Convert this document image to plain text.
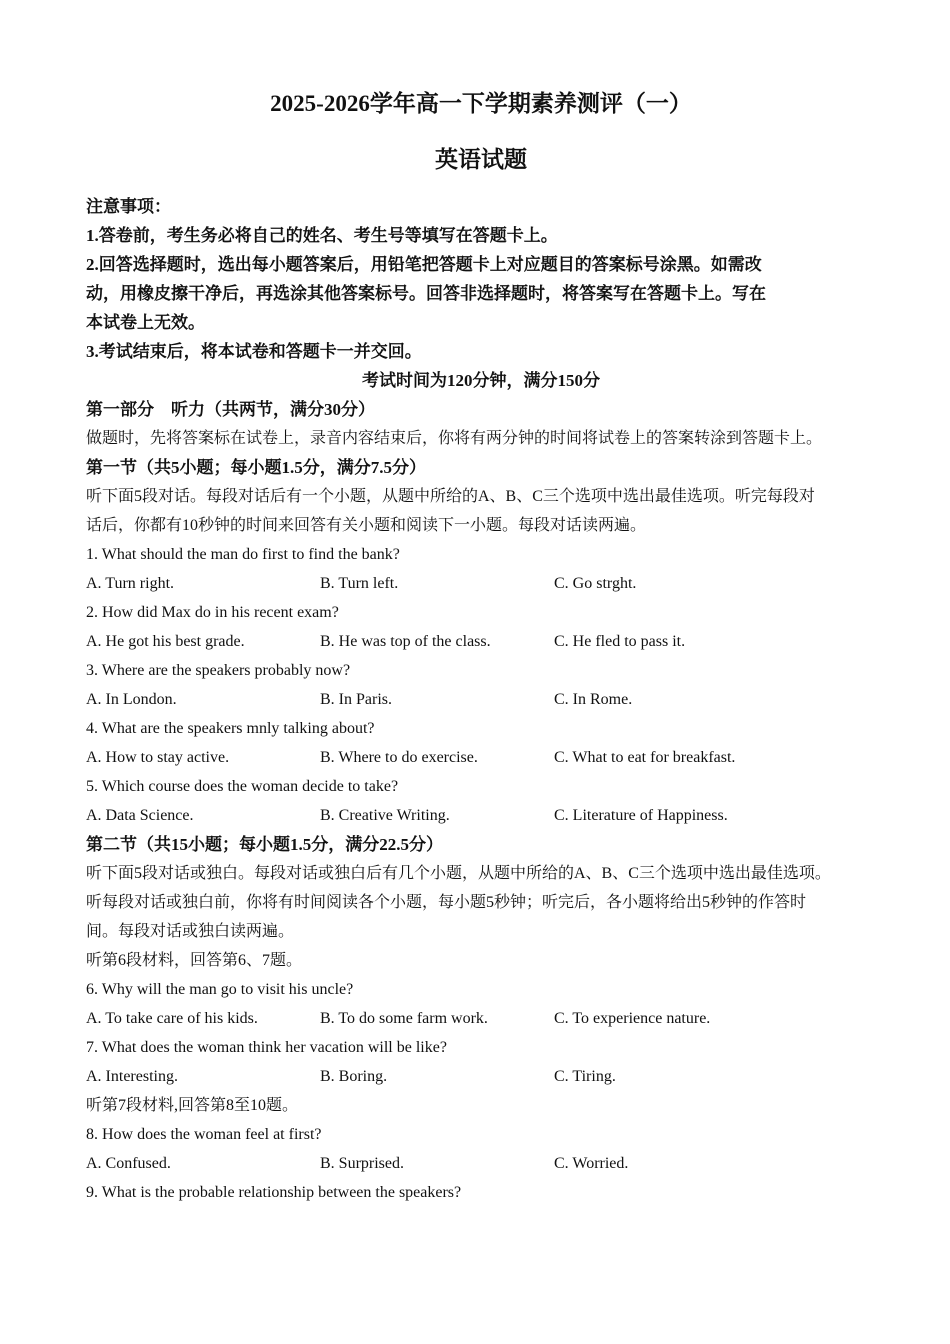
2025-2026学年高一下学期素养测评（一）
英语试题
注意事项：
1.答卷前，考生务必将自己的姓名、考生号等填写在答题卡上。
2.回答选择题时，选出每小题答案后，用铅笔把答题卡上对应题目的答案标号涂黑。如需改
动，用橡皮擦干净后，再选涂其他答案标号。回答非选择题时，将答案写在答题卡上。写在
本试卷上无效。
3.考试结束后，将本试卷和答题卡一并交回。
考试时间为120分钟，满分150分
第一部分　听力（共两节，满分30分）
做题时，先将答案标在试卷上，录音内容结束后，你将有两分钟的时间将试卷上的答案转涂到答题卡上。
第一节（共5小题；每小题1.5分，满分7.5分）
听下面5段对话。每段对话后有一个小题，从题中所给的A、B、C三个选项中选出最佳选项。听完每段对
话后，你都有10秒钟的时间来回答有关小题和阅读下一小题。每段对话读两遍。
1. What should the man do first to find the bank?
A. Turn right.	B. Turn left.	C. Go strght.
2. How did Max do in his recent exam?
A. He got his best grade.	B. He was top of the class.	C. He fled to pass it.
3. Where are the speakers probably now?
A. In London.	B. In Paris.	C. In Rome.
4. What are the speakers mnly talking about?
A. How to stay active.	B. Where to do exercise.	C. What to eat for breakfast.
5. Which course does the woman decide to take?
A. Data Science.	B. Creative Writing.	C. Literature of Happiness.
第二节（共15小题；每小题1.5分，满分22.5分）
听下面5段对话或独白。每段对话或独白后有几个小题，从题中所给的A、B、C三个选项中选出最佳选项。
听每段对话或独白前，你将有时间阅读各个小题，每小题5秒钟；听完后，各小题将给出5秒钟的作答时
间。每段对话或独白读两遍。
听第6段材料，回答第6、7题。
6. Why will the man go to visit his uncle?
A. To take care of his kids.	B. To do some farm work.	C. To experience nature.
7. What does the woman think her vacation will be like?
A. Interesting.	B. Boring.	C. Tiring.
听第7段材料,回答第8至10题。
8. How does the woman feel at first?
A. Confused.	B. Surprised.	C. Worried.
9. What is the probable relationship between the speakers?
